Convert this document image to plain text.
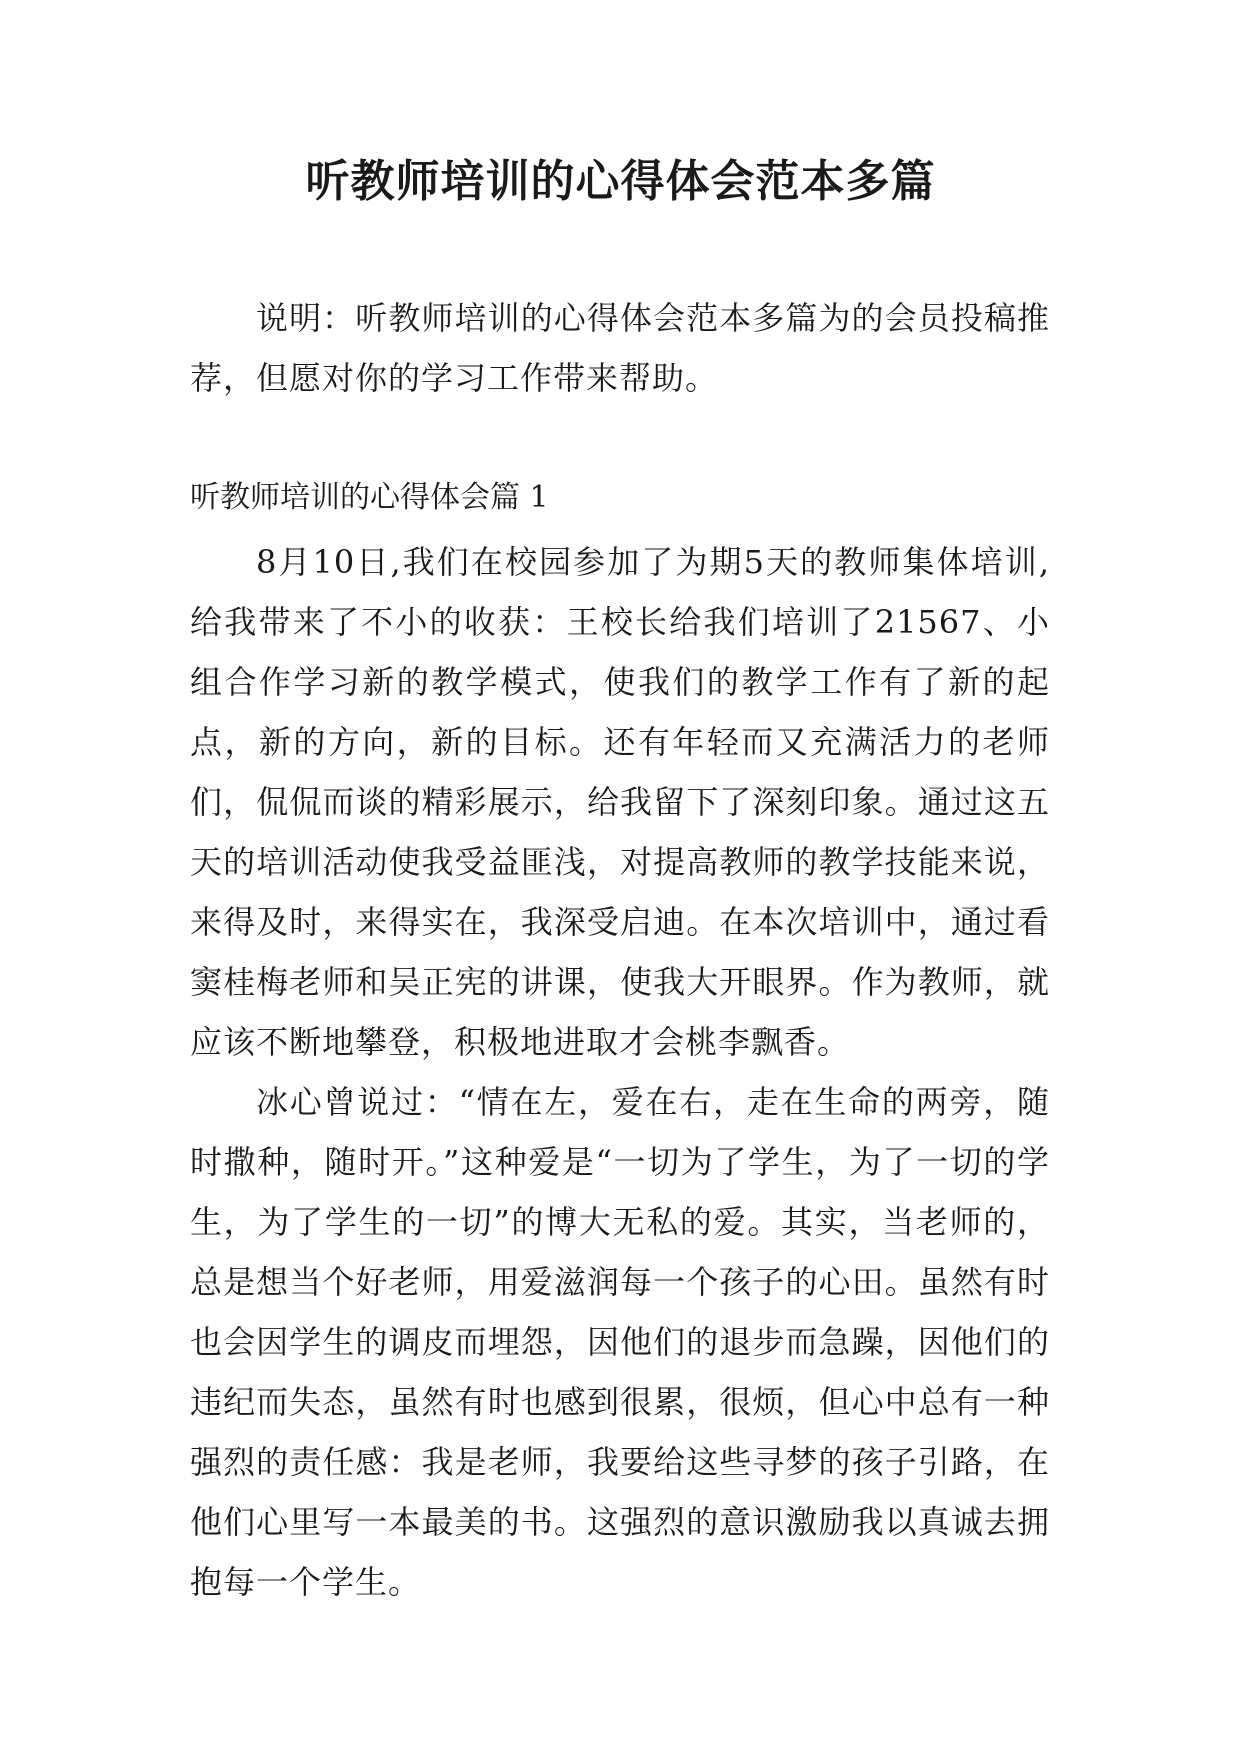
听教师培训的心得体会范本多篇

说明：听教师培训的心得体会范本多篇为的会员投稿推荐，但愿对你的学习工作带来帮助。

听教师培训的心得体会篇 1

8月10日,我们在校园参加了为期5天的教师集体培训,给我带来了不小的收获：王校长给我们培训了21567、小组合作学习新的教学模式，使我们的教学工作有了新的起点，新的方向，新的目标。还有年轻而又充满活力的老师们，侃侃而谈的精彩展示，给我留下了深刻印象。通过这五天的培训活动使我受益匪浅，对提高教师的教学技能来说，来得及时，来得实在，我深受启迪。在本次培训中，通过看窦桂梅老师和吴正宪的讲课，使我大开眼界。作为教师，就应该不断地攀登，积极地进取才会桃李飘香。

冰心曾说过：“情在左，爱在右，走在生命的两旁，随时撒种，随时开。”这种爱是“一切为了学生，为了一切的学生，为了学生的一切”的博大无私的爱。其实，当老师的，总是想当个好老师，用爱滋润每一个孩子的心田。虽然有时也会因学生的调皮而埋怨，因他们的退步而急躁，因他们的违纪而失态，虽然有时也感到很累，很烦，但心中总有一种强烈的责任感：我是老师，我要给这些寻梦的孩子引路，在他们心里写一本最美的书。这强烈的意识激励我以真诚去拥抱每一个学生。
